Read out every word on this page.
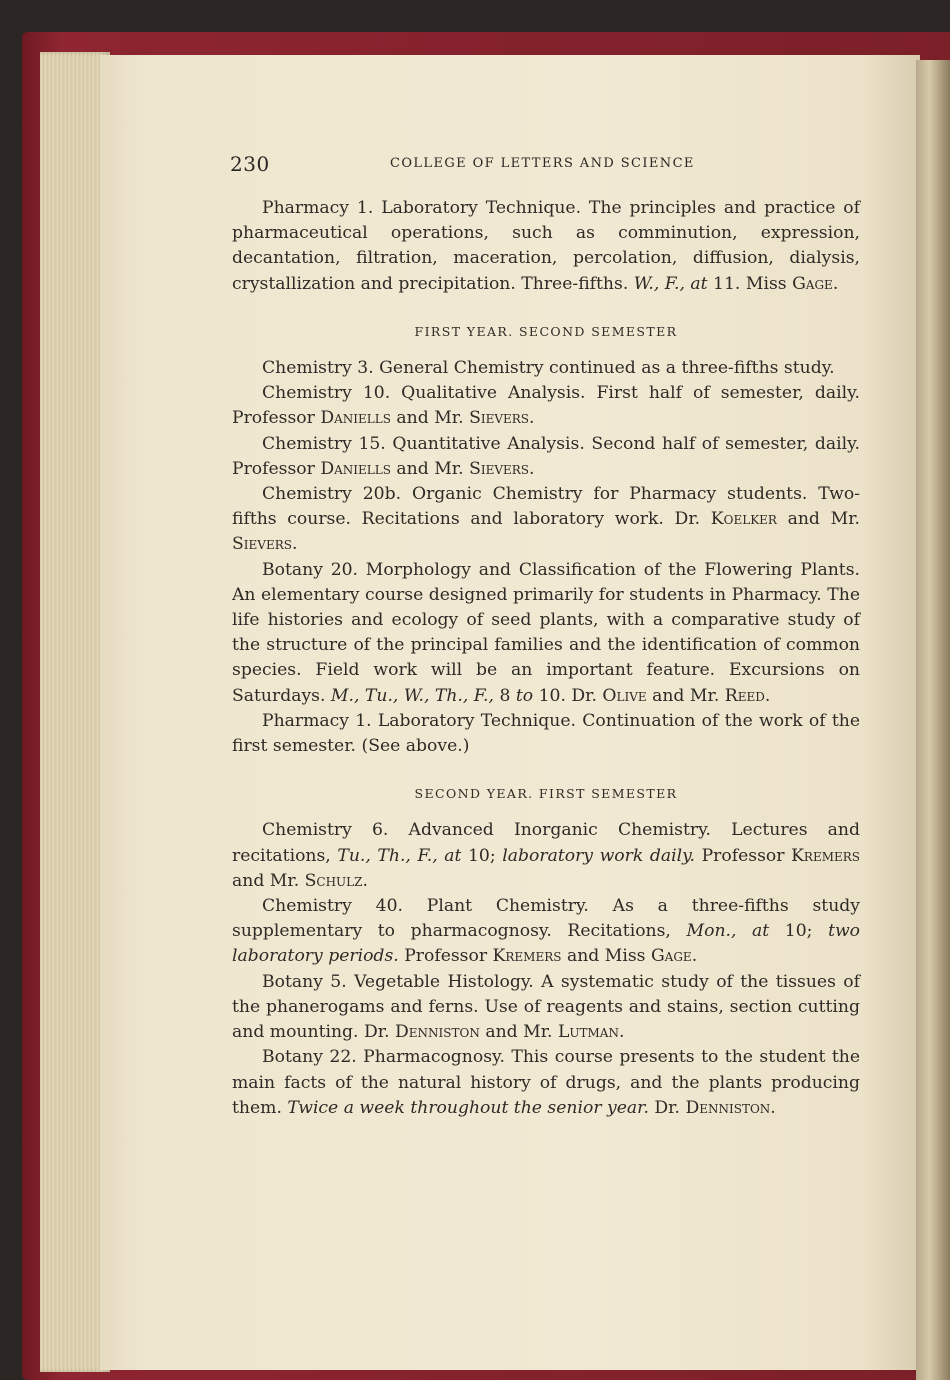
230	COLLEGE OF LETTERS AND SCIENCE

Pharmacy 1. Laboratory Technique. The principles and practice of pharmaceutical operations, such as comminution, expression, decantation, filtration, maceration, percolation, diffusion, dialysis, crystallization and precipitation. Three-fifths. W., F., at 11. Miss Gage.

FIRST YEAR. SECOND SEMESTER

Chemistry 3. General Chemistry continued as a three-fifths study.

Chemistry 10. Qualitative Analysis. First half of semester, daily. Professor Daniells and Mr. Sievers.

Chemistry 15. Quantitative Analysis. Second half of semester, daily. Professor Daniells and Mr. Sievers.

Chemistry 20b. Organic Chemistry for Pharmacy students. Two-fifths course. Recitations and laboratory work. Dr. Koelker and Mr. Sievers.

Botany 20. Morphology and Classification of the Flowering Plants. An elementary course designed primarily for students in Pharmacy. The life histories and ecology of seed plants, with a comparative study of the structure of the principal families and the identification of common species. Field work will be an important feature. Excursions on Saturdays. M., Tu., W., Th., F., 8 to 10. Dr. Olive and Mr. Reed.

Pharmacy 1. Laboratory Technique. Continuation of the work of the first semester. (See above.)

SECOND YEAR. FIRST SEMESTER

Chemistry 6. Advanced Inorganic Chemistry. Lectures and recitations, Tu., Th., F., at 10; laboratory work daily. Professor Kremers and Mr. Schulz.

Chemistry 40. Plant Chemistry. As a three-fifths study supplementary to pharmacognosy. Recitations, Mon., at 10; two laboratory periods. Professor Kremers and Miss Gage.

Botany 5. Vegetable Histology. A systematic study of the tissues of the phanerogams and ferns. Use of reagents and stains, section cutting and mounting. Dr. Denniston and Mr. Lutman.

Botany 22. Pharmacognosy. This course presents to the student the main facts of the natural history of drugs, and the plants producing them. Twice a week throughout the senior year. Dr. Denniston.
